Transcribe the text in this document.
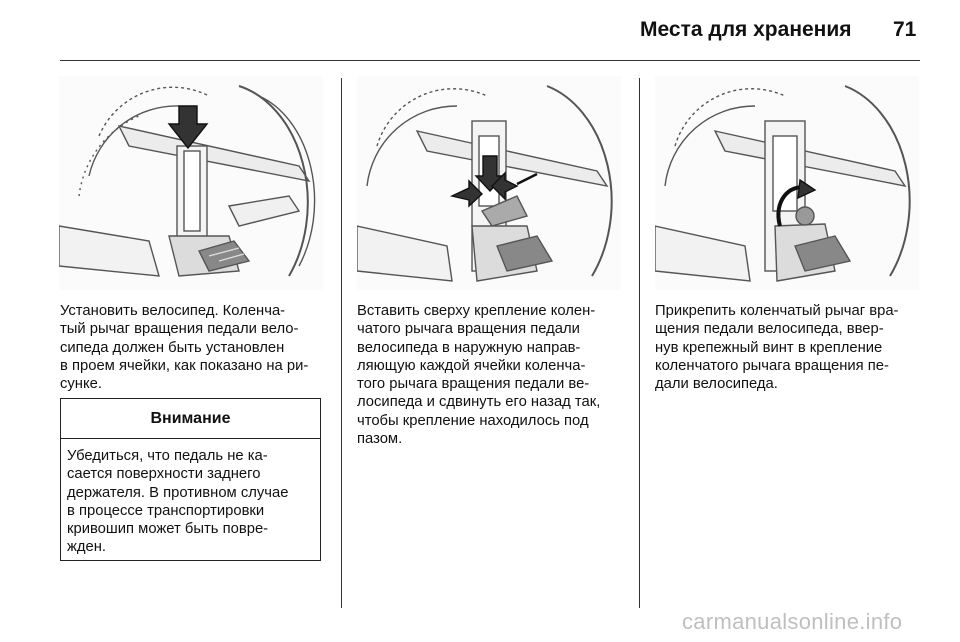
Места для хранения 71
Установить велосипед. Коленча-
тый рычаг вращения педали вело-
сипеда должен быть установлен
в проем ячейки, как показано на ри-
сунке.
Вставить сверху крепление колен-
чатого рычага вращения педали
велосипеда в наружную направ-
ляющую каждой ячейки коленча-
того рычага вращения педали ве-
лосипеда и сдвинуть его назад так,
чтобы крепление находилось под
пазом.
Прикрепить коленчатый рычаг вра-
щения педали велосипеда, ввер-
нув крепежный винт в крепление
коленчатого рычага вращения пе-
дали велосипеда.
Внимание
Убедиться, что педаль не ка-
сается поверхности заднего
держателя. В противном случае
в процессе транспортировки
кривошип может быть повре-
жден.
carmanualsonline.info
